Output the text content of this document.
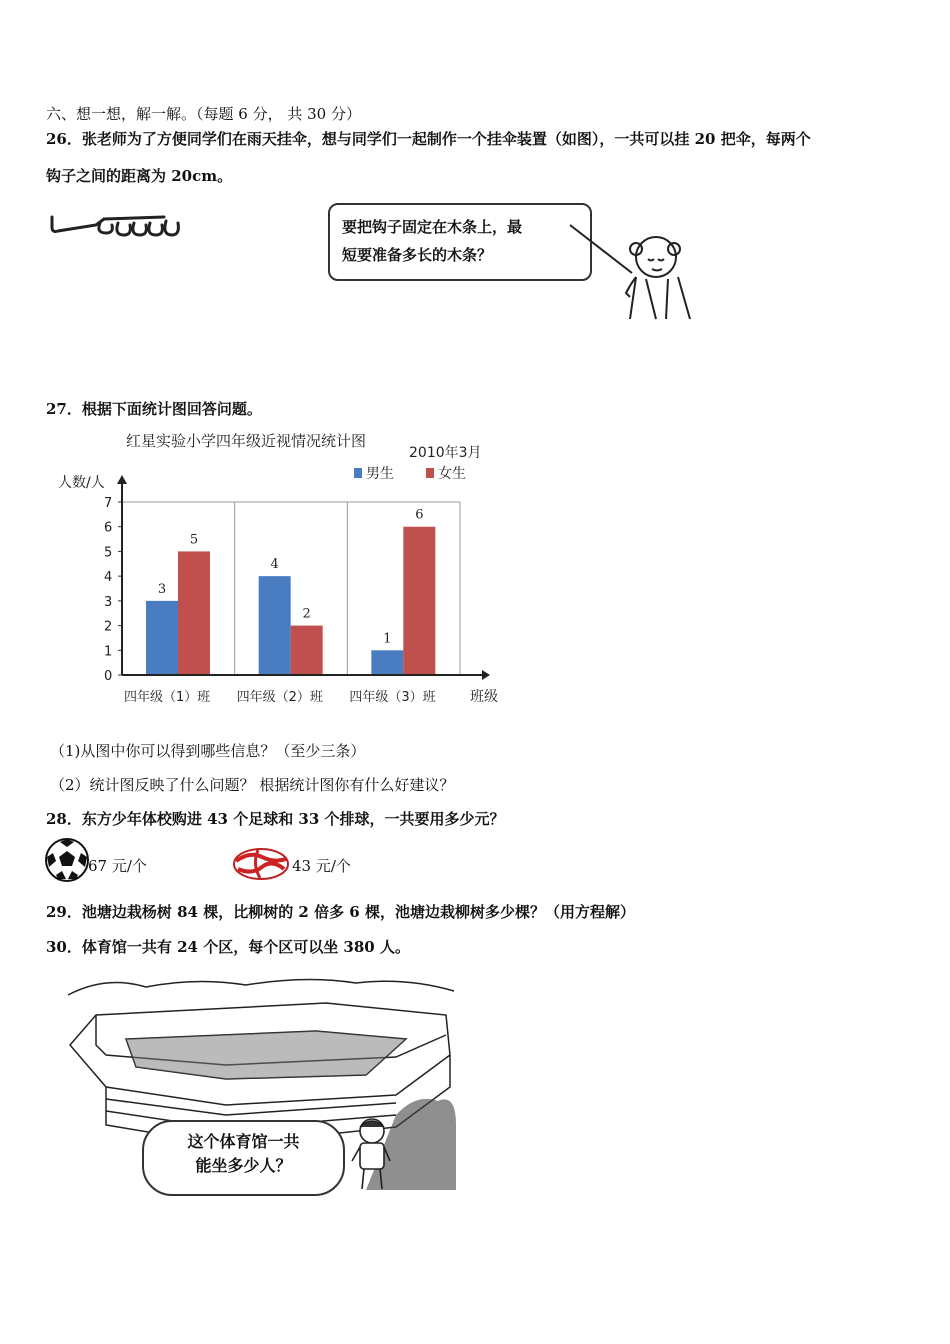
六、想一想，解一解。（每题 6 分， 共 30 分）
26．张老师为了方便同学们在雨天挂伞，想与同学们一起制作一个挂伞装置（如图），一共可以挂 20 把伞，每两个
钩子之间的距离为 20cm。
要把钩子固定在木条上，最
短要准备多长的木条？
27．根据下面统计图回答问题。
红星实验小学四年级近视情况统计图
2010年3月
男生	女生
人数/人
班级
3
5
4
2
1
6
0
1
2
3
4
5
6
7
四年级（1）班 四年级（2）班 四年级（3）班
（1)从图中你可以得到哪些信息？（至少三条）
（2）统计图反映了什么问题？ 根据统计图你有什么好建议？
28．东方少年体校购进 43 个足球和 33 个排球，一共要用多少元？
67 元/个	43 元/个
29．池塘边栽杨树 84 棵，比柳树的 2 倍多 6 棵，池塘边栽柳树多少棵？（用方程解）
30．体育馆一共有 24 个区，每个区可以坐 380 人。
这个体育馆一共
能坐多少人？
